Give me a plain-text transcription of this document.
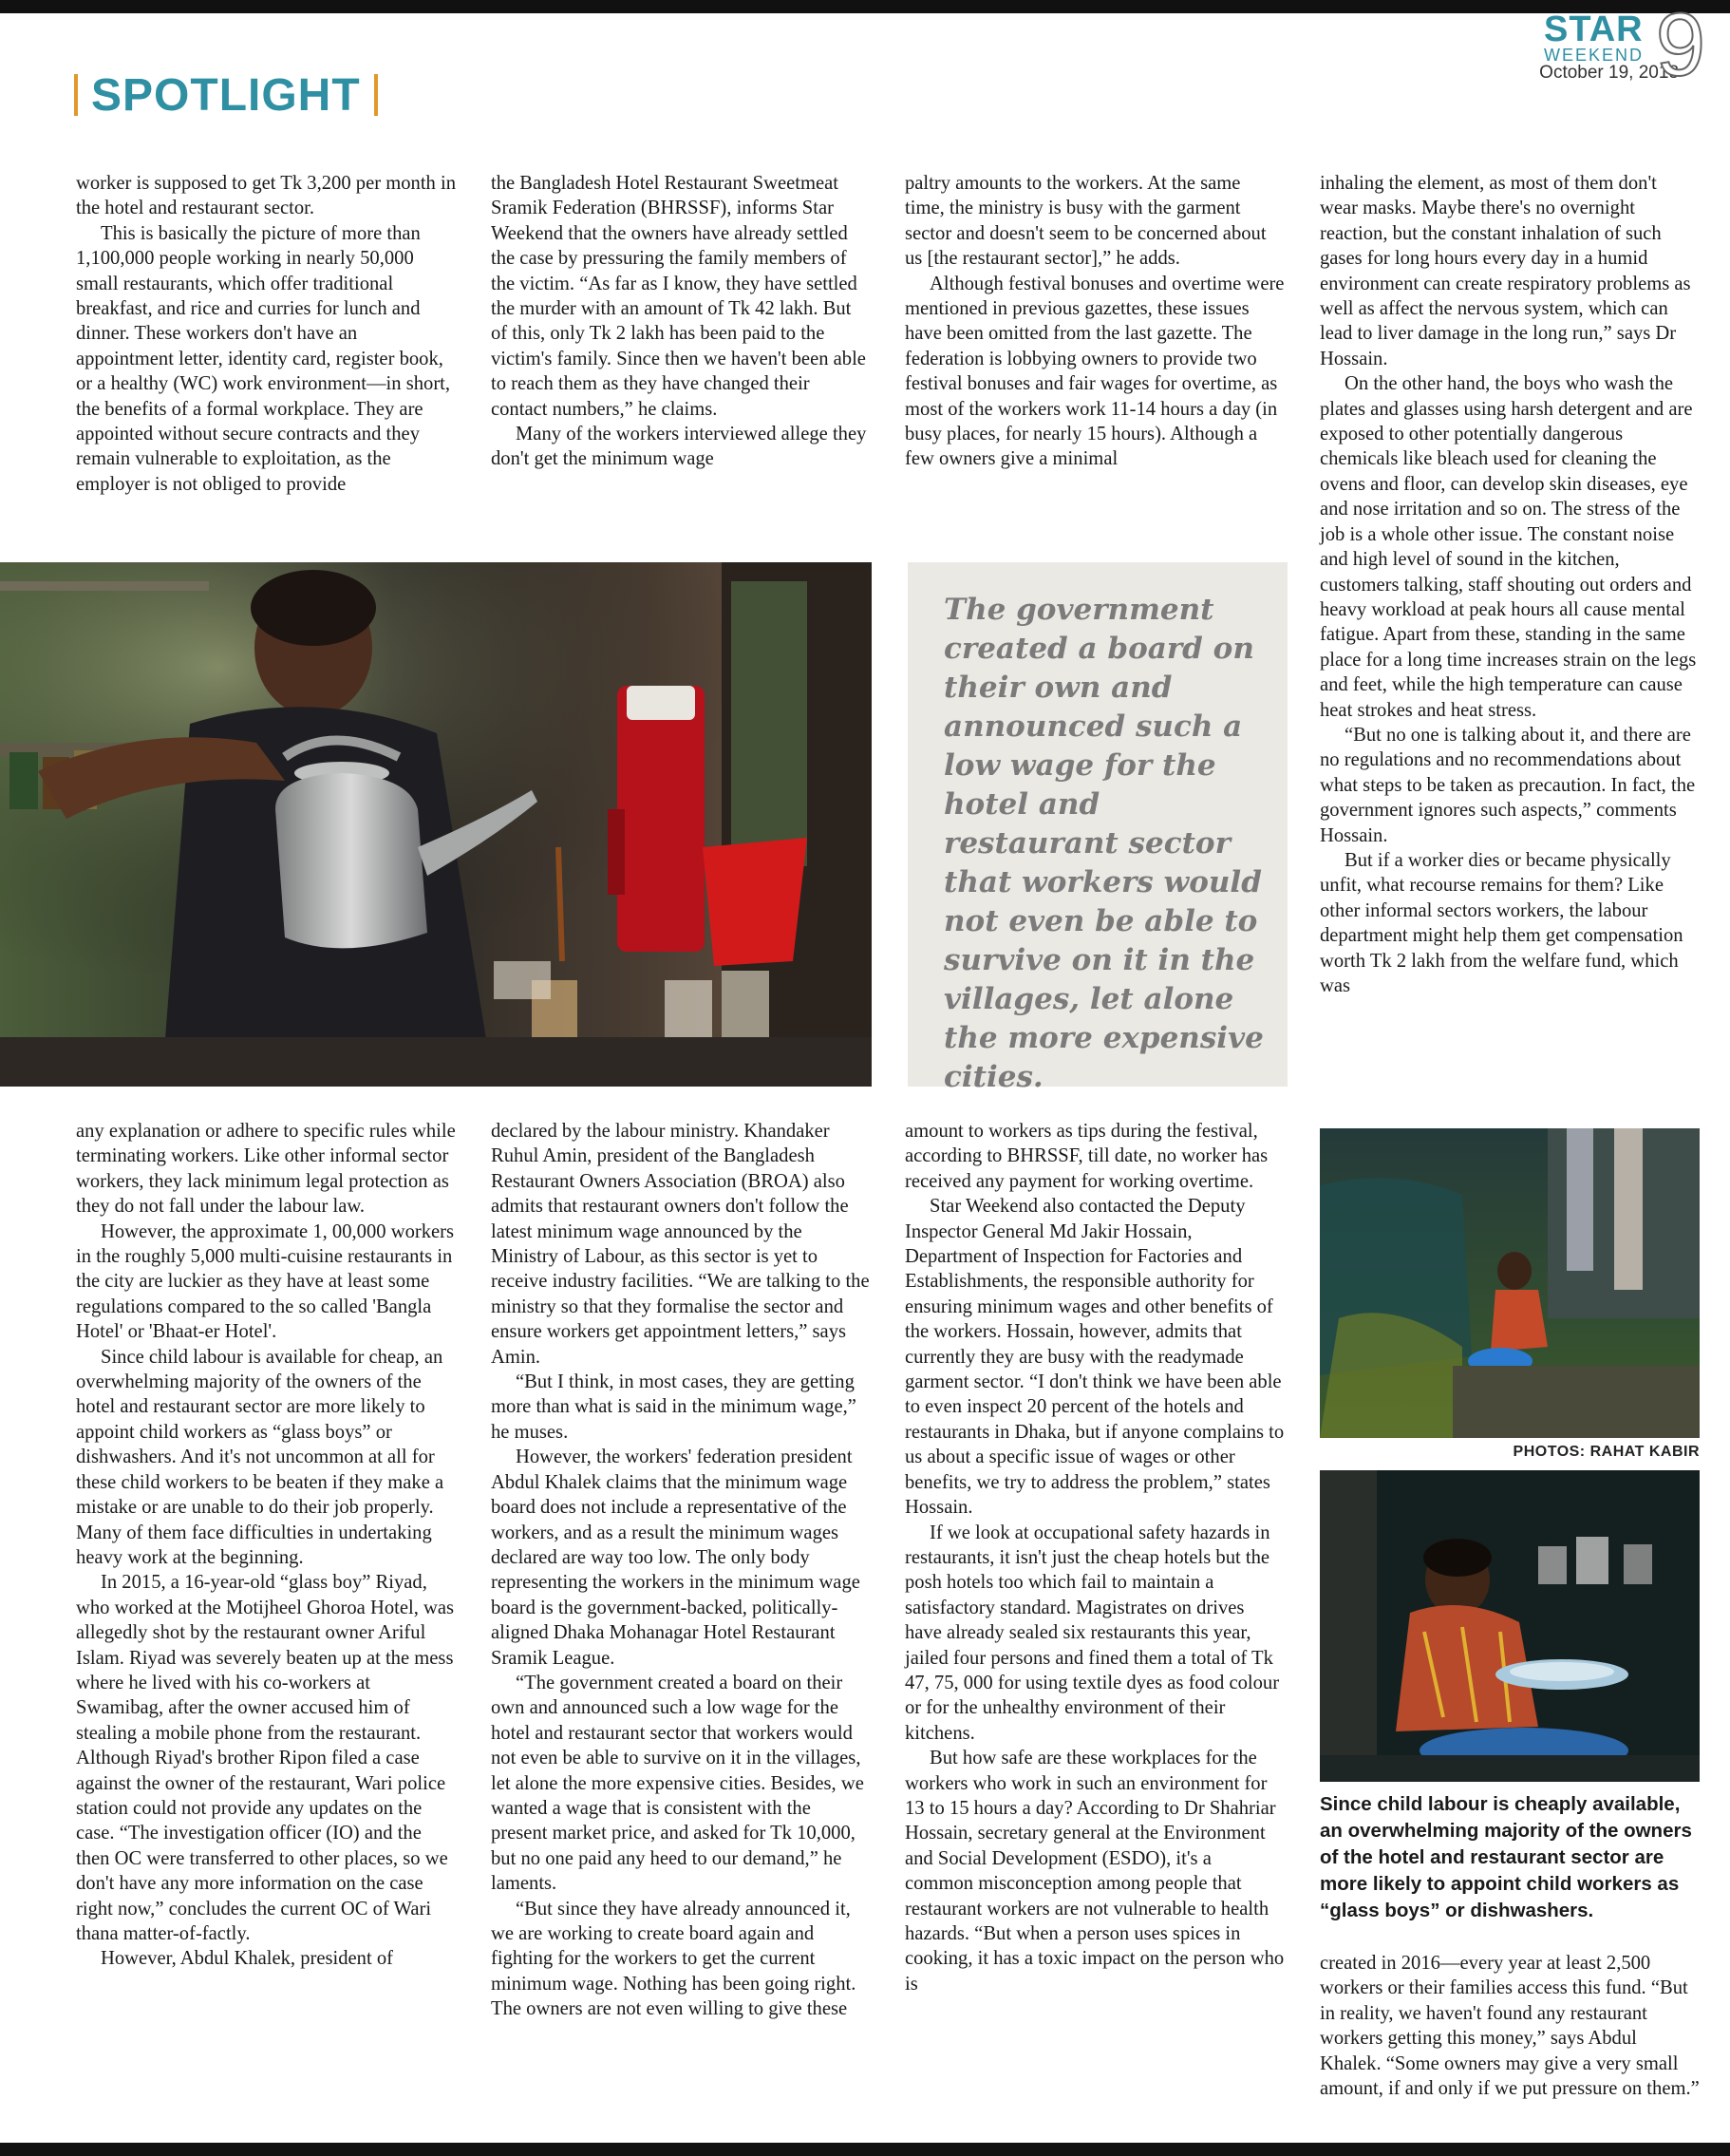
SPOTLIGHT
STAR
WEEKEND
October 19, 2018
9

worker is supposed to get Tk 3,200 per month in the hotel and restaurant sector.

This is basically the picture of more than 1,100,000 people working in nearly 50,000 small restaurants, which offer traditional breakfast, and rice and curries for lunch and dinner. These workers don't have an appointment letter, identity card, register book, or a healthy (WC) work environment—in short, the benefits of a formal workplace. They are appointed without secure contracts and they remain vulnerable to exploitation, as the employer is not obliged to provide

the Bangladesh Hotel Restaurant Sweetmeat Sramik Federation (BHRSSF), informs Star Weekend that the owners have already settled the case by pressuring the family members of the victim. “As far as I know, they have settled the murder with an amount of Tk 42 lakh. But of this, only Tk 2 lakh has been paid to the victim's family. Since then we haven't been able to reach them as they have changed their contact numbers,” he claims.

Many of the workers interviewed allege they don't get the minimum wage

paltry amounts to the workers. At the same time, the ministry is busy with the garment sector and doesn't seem to be concerned about us [the restaurant sector],” he adds.

Although festival bonuses and overtime were mentioned in previous gazettes, these issues have been omitted from the last gazette. The federation is lobbying owners to provide two festival bonuses and fair wages for overtime, as most of the workers work 11-14 hours a day (in busy places, for nearly 15 hours). Although a few owners give a minimal

inhaling the element, as most of them don't wear masks. Maybe there's no overnight reaction, but the constant inhalation of such gases for long hours every day in a humid environment can create respiratory problems as well as affect the nervous system, which can lead to liver damage in the long run,” says Dr Hossain.

On the other hand, the boys who wash the plates and glasses using harsh detergent and are exposed to other potentially dangerous chemicals like bleach used for cleaning the ovens and floor, can develop skin diseases, eye and nose irritation and so on. The stress of the job is a whole other issue. The constant noise and high level of sound in the kitchen, customers talking, staff shouting out orders and heavy workload at peak hours all cause mental fatigue. Apart from these, standing in the same place for a long time increases strain on the legs and feet, while the high temperature can cause heat strokes and heat stress.

“But no one is talking about it, and there are no regulations and no recommendations about what steps to be taken as precaution. In fact, the government ignores such aspects,” comments Hossain.

But if a worker dies or became physically unfit, what recourse remains for them? Like other informal sectors workers, the labour department might help them get compensation worth Tk 2 lakh from the welfare fund, which was

The government created a board on their own and announced such a low wage for the hotel and restaurant sector that workers would not even be able to survive on it in the villages, let alone the more expensive cities.

any explanation or adhere to specific rules while terminating workers. Like other informal sector workers, they lack minimum legal protection as they do not fall under the labour law.

However, the approximate 1, 00,000 workers in the roughly 5,000 multi-cuisine restaurants in the city are luckier as they have at least some regulations compared to the so called 'Bangla Hotel' or 'Bhaat-er Hotel'.

Since child labour is available for cheap, an overwhelming majority of the owners of the hotel and restaurant sector are more likely to appoint child workers as “glass boys” or dishwashers. And it's not uncommon at all for these child workers to be beaten if they make a mistake or are unable to do their job properly. Many of them face difficulties in undertaking heavy work at the beginning.

In 2015, a 16-year-old “glass boy” Riyad, who worked at the Motijheel Ghoroa Hotel, was allegedly shot by the restaurant owner Ariful Islam. Riyad was severely beaten up at the mess where he lived with his co-workers at Swamibag, after the owner accused him of stealing a mobile phone from the restaurant. Although Riyad's brother Ripon filed a case against the owner of the restaurant, Wari police station could not provide any updates on the case. “The investigation officer (IO) and the then OC were transferred to other places, so we don't have any more information on the case right now,” concludes the current OC of Wari thana matter-of-factly.

However, Abdul Khalek, president of

declared by the labour ministry. Khandaker Ruhul Amin, president of the Bangladesh Restaurant Owners Association (BROA) also admits that restaurant owners don't follow the latest minimum wage announced by the Ministry of Labour, as this sector is yet to receive industry facilities. “We are talking to the ministry so that they formalise the sector and ensure workers get appointment letters,” says Amin.

“But I think, in most cases, they are getting more than what is said in the minimum wage,” he muses.

However, the workers' federation president Abdul Khalek claims that the minimum wage board does not include a representative of the workers, and as a result the minimum wages declared are way too low. The only body representing the workers in the minimum wage board is the government-backed, politically-aligned Dhaka Mohanagar Hotel Restaurant Sramik League.

“The government created a board on their own and announced such a low wage for the hotel and restaurant sector that workers would not even be able to survive on it in the villages, let alone the more expensive cities. Besides, we wanted a wage that is consistent with the present market price, and asked for Tk 10,000, but no one paid any heed to our demand,” he laments.

“But since they have already announced it, we are working to create board again and fighting for the workers to get the current minimum wage. Nothing has been going right. The owners are not even willing to give these

amount to workers as tips during the festival, according to BHRSSF, till date, no worker has received any payment for working overtime.

Star Weekend also contacted the Deputy Inspector General Md Jakir Hossain, Department of Inspection for Factories and Establishments, the responsible authority for ensuring minimum wages and other benefits of the workers. Hossain, however, admits that currently they are busy with the readymade garment sector. “I don't think we have been able to even inspect 20 percent of the hotels and restaurants in Dhaka, but if anyone complains to us about a specific issue of wages or other benefits, we try to address the problem,” states Hossain.

If we look at occupational safety hazards in restaurants, it isn't just the cheap hotels but the posh hotels too which fail to maintain a satisfactory standard. Magistrates on drives have already sealed six restaurants this year, jailed four persons and fined them a total of Tk 47, 75, 000 for using textile dyes as food colour or for the unhealthy environment of their kitchens.

But how safe are these workplaces for the workers who work in such an environment for 13 to 15 hours a day? According to Dr Shahriar Hossain, secretary general at the Environment and Social Development (ESDO), it's a common misconception among people that restaurant workers are not vulnerable to health hazards. “But when a person uses spices in cooking, it has a toxic impact on the person who is

PHOTOS: RAHAT KABIR
Since child labour is cheaply available, an overwhelming majority of the owners of the hotel and restaurant sector are more likely to appoint child workers as “glass boys” or dishwashers.

created in 2016—every year at least 2,500 workers or their families access this fund. “But in reality, we haven't found any restaurant workers getting this money,” says Abdul Khalek. “Some owners may give a very small amount, if and only if we put pressure on them.”
